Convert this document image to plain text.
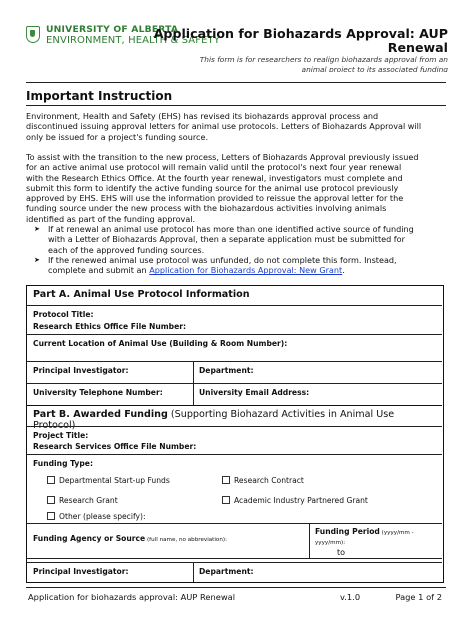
UNIVERSITY OF ALBERTA
ENVIRONMENT, HEALTH & SAFETY
Application for Biohazards Approval: AUP
Renewal
This form is for researchers to realign biohazards approval from an
animal project to its associated funding
Important Instruction
Environment, Health and Safety (EHS) has revised its biohazards approval process and
discontinued issuing approval letters for animal use protocols. Letters of Biohazards Approval will
only be issued for a project's funding source.
To assist with the transition to the new process, Letters of Biohazards Approval previously issued
for an active animal use protocol will remain valid until the protocol's next four year renewal
with the Research Ethics Office. At the fourth year renewal, investigators must complete and
submit this form to identify the active funding source for the animal use protocol previously
approved by EHS. EHS will use the information provided to reissue the approval letter for the
funding source under the new process with the biohazardous activities involving animals
identified as part of the funding approval.
➤ If at renewal an animal use protocol has more than one identified active source of funding
with a Letter of Biohazards Approval, then a separate application must be submitted for
each of the approved funding sources.
➤ If the renewed animal use protocol was unfunded, do not complete this form. Instead,
complete and submit an Application for Biohazards Approval: New Grant.
Part A. Animal Use Protocol Information
Protocol Title:
Research Ethics Office File Number:
Current Location of Animal Use (Building & Room Number):
Principal Investigator:	Department:
University Telephone Number:	University Email Address:
Part B. Awarded Funding (Supporting Biohazard Activities in Animal Use Protocol)
Project Title:
Research Services Office File Number:
Funding Type:
Departmental Start-up Funds	Research Contract
Research Grant	Academic Industry Partnered Grant
Other (please specify):
Funding Agency or Source (full name, no abbreviation):
Funding Period (yyyy/mm -
yyyy/mm):
to
Principal Investigator:	Department:
Application for biohazards approval: AUP Renewal	v.1.0	Page 1 of 2
